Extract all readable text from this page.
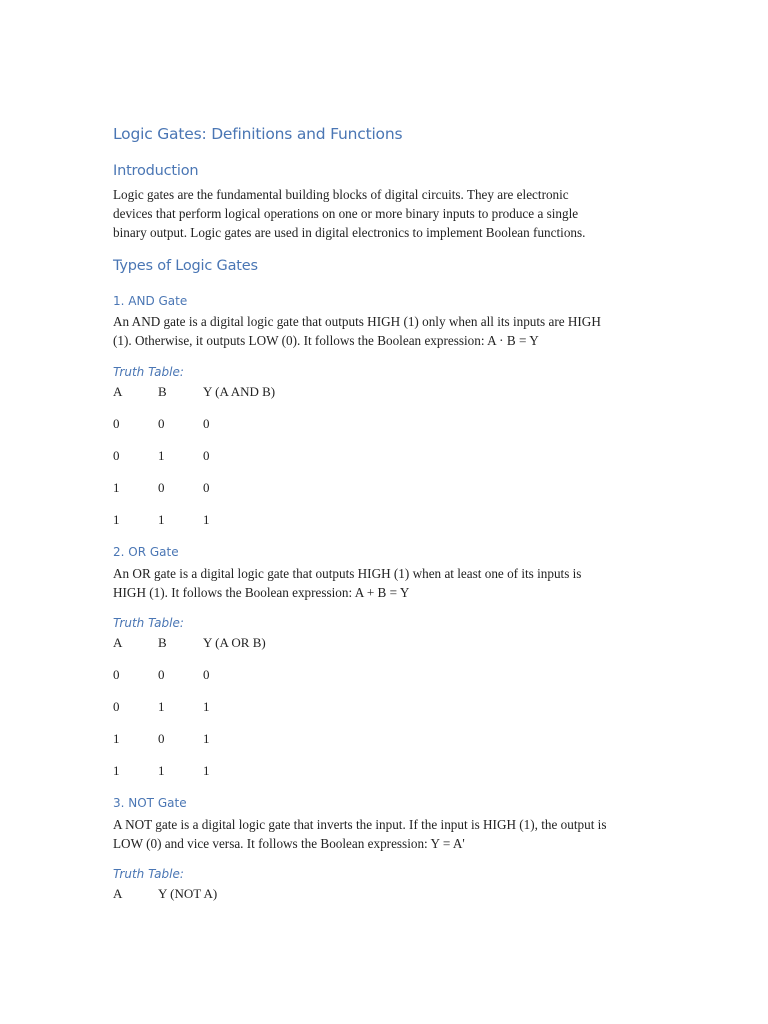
Logic Gates: Definitions and Functions
Introduction
Logic gates are the fundamental building blocks of digital circuits. They are electronic
devices that perform logical operations on one or more binary inputs to produce a single
binary output. Logic gates are used in digital electronics to implement Boolean functions.
Types of Logic Gates
1. AND Gate
An AND gate is a digital logic gate that outputs HIGH (1) only when all its inputs are HIGH
(1). Otherwise, it outputs LOW (0). It follows the Boolean expression: A · B = Y
Truth Table:
A	B	Y (A AND B)
0	0	0
0	1	0
1	0	0
1	1	1
2. OR Gate
An OR gate is a digital logic gate that outputs HIGH (1) when at least one of its inputs is
HIGH (1). It follows the Boolean expression: A + B = Y
Truth Table:
A	B	Y (A OR B)
0	0	0
0	1	1
1	0	1
1	1	1
3. NOT Gate
A NOT gate is a digital logic gate that inverts the input. If the input is HIGH (1), the output is
LOW (0) and vice versa. It follows the Boolean expression: Y = A'
Truth Table:
A	Y (NOT A)
